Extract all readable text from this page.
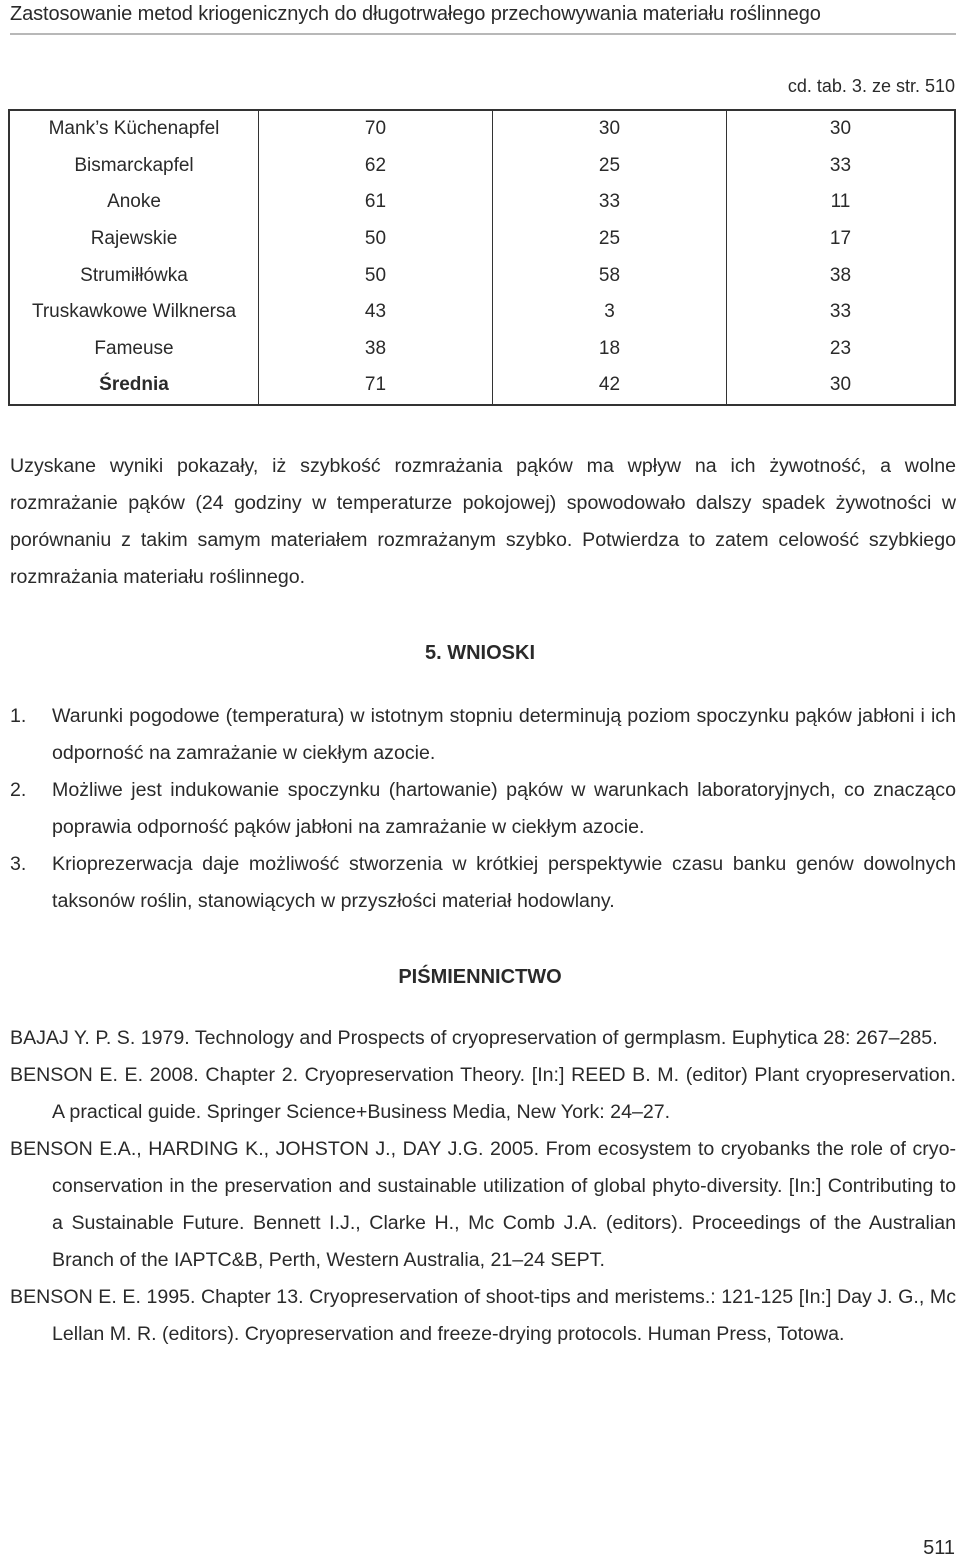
Zastosowanie metod kriogenicznych do długotrwałego przechowywania materiału roślinnego
cd. tab. 3. ze str. 510
Mank’s Küchenapfel	70	30	30
Bismarckapfel	62	25	33
Anoke	61	33	11
Rajewskie	50	25	17
Strumiłłówka	50	58	38
Truskawkowe Wilknersa	43	3	33
Fameuse	38	18	23
Średnia	71	42	30
Uzyskane wyniki pokazały, iż szybkość rozmrażania pąków ma wpływ na ich żywotność, a wolne rozmrażanie pąków (24 godziny w temperaturze pokojowej) spowodowało dalszy spadek żywotności w porównaniu z takim samym materiałem rozmrażanym szybko. Potwierdza to zatem celowość szybkiego rozmrażania materiału roślinnego.
5. WNIOSKI
1.	Warunki pogodowe (temperatura) w istotnym stopniu determinują poziom spoczynku pąków jabłoni i ich odporność na zamrażanie w ciekłym azocie.
2.	Możliwe jest indukowanie spoczynku (hartowanie) pąków w warunkach laboratoryjnych, co znacząco poprawia odporność pąków jabłoni na zamrażanie w ciekłym azocie.
3.	Krioprezerwacja daje możliwość stworzenia w krótkiej perspektywie czasu banku genów dowolnych taksonów roślin, stanowiących w przyszłości materiał hodowlany.
PIŚMIENNICTWO
BAJAJ Y. P. S. 1979. Technology and Prospects of cryopreservation of germplasm. Euphytica 28: 267–285.
BENSON E. E. 2008. Chapter 2. Cryopreservation Theory. [In:] REED B. M. (editor) Plant cryopreservation. A practical guide. Springer Science+Business Media, New York: 24–27.
BENSON E.A., HARDING K., JOHSTON J., DAY J.G. 2005. From ecosystem to cryobanks the role of cryo-conservation in the preservation and sustainable utilization of global phyto-diversity. [In:] Contributing to a Sustainable Future. Bennett I.J., Clarke H., Mc Comb J.A. (editors). Proceedings of the Australian Branch of the IAPTC&B, Perth, Western Australia, 21–24 SEPT.
BENSON E. E. 1995. Chapter 13. Cryopreservation of shoot-tips and meristems.: 121-125 [In:] Day J. G., Mc Lellan M. R. (editors). Cryopreservation and freeze-drying protocols. Human Press, Totowa.
511
